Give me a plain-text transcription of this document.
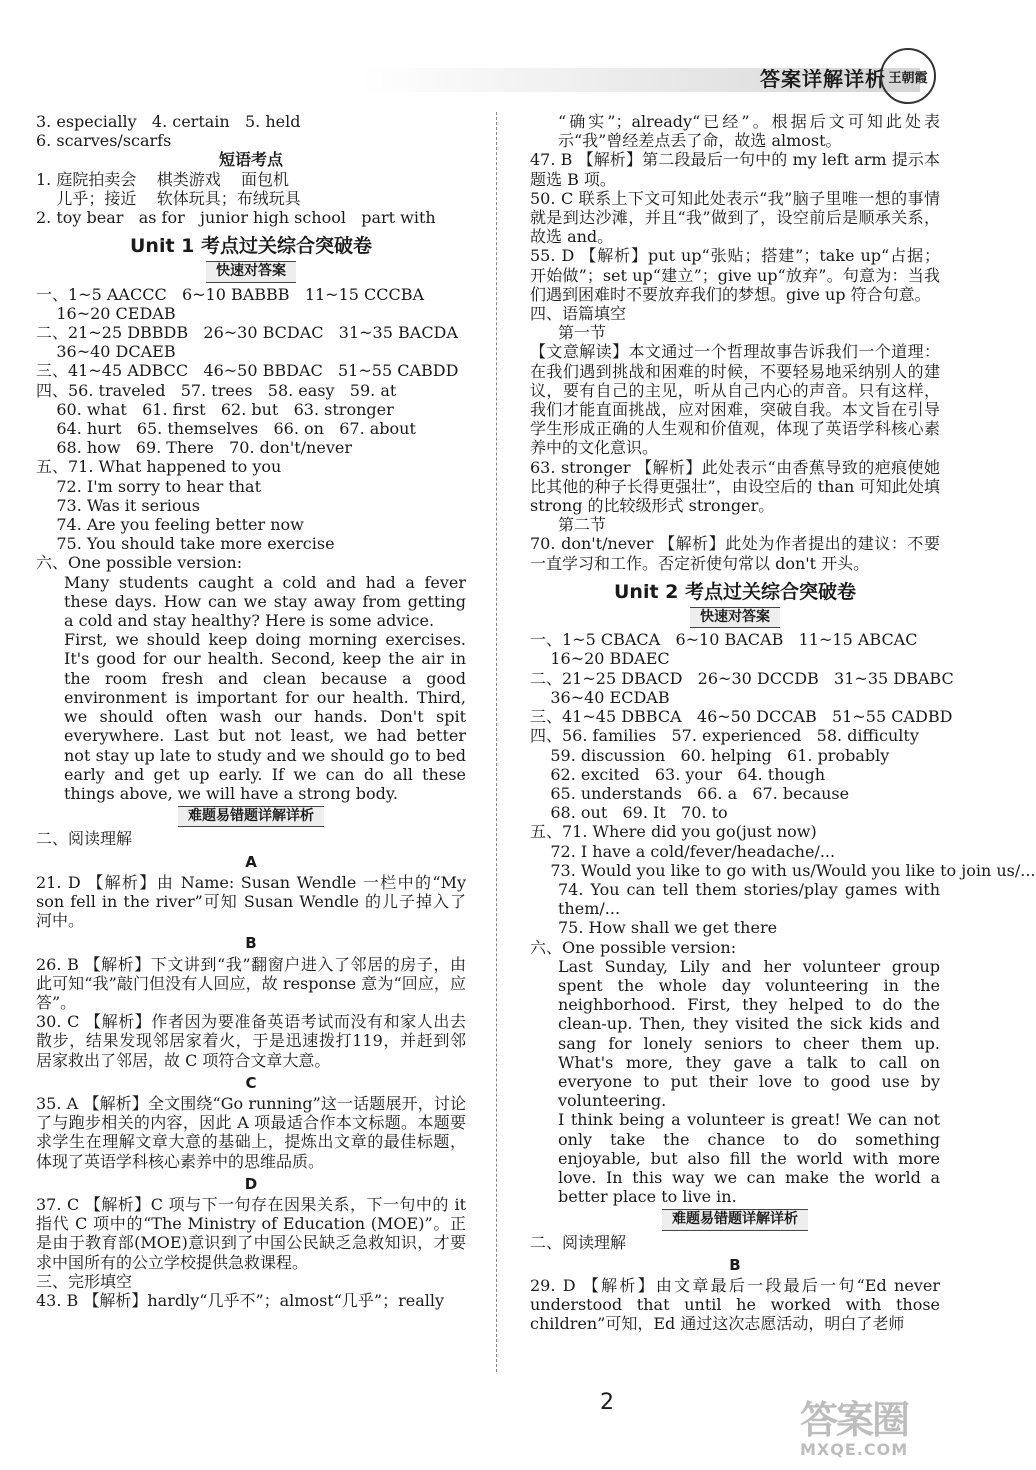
答案详解详析 王朝霞
3. especially   4. certain   5. held
6. scarves/scarfs
短语考点
1. 庭院拍卖会    棋类游戏    面包机
儿乎；接近    软体玩具；布绒玩具
2. toy bear   as for   junior high school   part with
Unit 1 考点过关综合突破卷
快速对答案
一、1~5 AACCC   6~10 BABBB   11~15 CCCBA
16~20 CEDAB
二、21~25 DBBDB   26~30 BCDAC   31~35 BACDA
36~40 DCAEB
三、41~45 ADBCC   46~50 BBDAC   51~55 CABDD
四、56. traveled   57. trees   58. easy   59. at
60. what   61. first   62. but   63. stronger
64. hurt   65. themselves   66. on   67. about
68. how   69. There   70. don't/never
五、71. What happened to you
72. I'm sorry to hear that
73. Was it serious
74. Are you feeling better now
75. You should take more exercise
六、One possible version:
Many students caught a cold and had a fever these days. How can we stay away from getting a cold and stay healthy? Here is some advice.
First, we should keep doing morning exercises. It's good for our health. Second, keep the air in the room fresh and clean because a good environment is important for our health. Third, we should often wash our hands. Don't spit everywhere. Last but not least, we had better not stay up late to study and we should go to bed early and get up early. If we can do all these things above, we will have a strong body.
难题易错题详解详析
二、阅读理解
A
21. D 【解析】由 Name: Susan Wendle 一栏中的“My son fell in the river”可知 Susan Wendle 的儿子掉入了河中。
B
26. B 【解析】下文讲到“我”翻窗户进入了邻居的房子，由此可知“我”敲门但没有人回应，故 response 意为“回应，应答”。
30. C 【解析】作者因为要准备英语考试而没有和家人出去散步，结果发现邻居家着火，于是迅速拨打119，并赶到邻居家救出了邻居，故 C 项符合文章大意。
C
35. A 【解析】全文围绕“Go running”这一话题展开，讨论了与跑步相关的内容，因此 A 项最适合作本文标题。本题要求学生在理解文章大意的基础上，提炼出文章的最佳标题，体现了英语学科核心素养中的思维品质。
D
37. C 【解析】C 项与下一句存在因果关系，下一句中的 it 指代 C 项中的“The Ministry of Education (MOE)”。正是由于教育部(MOE)意识到了中国公民缺乏急救知识，才要求中国所有的公立学校提供急救课程。
三、完形填空
43. B 【解析】hardly“几乎不”；almost“几乎”；really
“确实”；already“已经”。根据后文可知此处表示“我”曾经差点丢了命，故选 almost。
47. B 【解析】第二段最后一句中的 my left arm 提示本题选 B 项。
50. C 联系上下文可知此处表示“我”脑子里唯一想的事情就是到达沙滩，并且“我”做到了，设空前后是顺承关系，故选 and。
55. D 【解析】put up“张贴；搭建”；take up“占据；开始做”；set up“建立”；give up“放弃”。句意为：当我们遇到困难时不要放弃我们的梦想。give up 符合句意。
四、语篇填空
第一节
【文意解读】本文通过一个哲理故事告诉我们一个道理：在我们遇到挑战和困难的时候，不要轻易地采纳别人的建议，要有自己的主见，听从自己内心的声音。只有这样，我们才能直面挑战，应对困难，突破自我。本文旨在引导学生形成正确的人生观和价值观，体现了英语学科核心素养中的文化意识。
63. stronger 【解析】此处表示“由香蕉导致的疤痕使她比其他的种子长得更强壮”，由设空后的 than 可知此处填 strong 的比较级形式 stronger。
第二节
70. don't/never 【解析】此处为作者提出的建议：不要一直学习和工作。否定祈使句常以 don't 开头。
Unit 2 考点过关综合突破卷
快速对答案
一、1~5 CBACA   6~10 BACAB   11~15 ABCAC
16~20 BDAEC
二、21~25 DBACD   26~30 DCCDB   31~35 DBABC
36~40 ECDAB
三、41~45 DBBCA   46~50 DCCAB   51~55 CADBD
四、56. families   57. experienced   58. difficulty
59. discussion   60. helping   61. probably
62. excited   63. your   64. though
65. understands   66. a   67. because
68. out   69. It   70. to
五、71. Where did you go(just now)
72. I have a cold/fever/headache/...
73. Would you like to go with us/Would you like to join us/...
74. You can tell them stories/play games with them/...
75. How shall we get there
六、One possible version:
Last Sunday, Lily and her volunteer group spent the whole day volunteering in the neighborhood. First, they helped to do the clean-up. Then, they visited the sick kids and sang for lonely seniors to cheer them up. What's more, they gave a talk to call on everyone to put their love to good use by volunteering.
I think being a volunteer is great! We can not only take the chance to do something enjoyable, but also fill the world with more love. In this way we can make the world a better place to live in.
难题易错题详解详析
二、阅读理解
B
29. D 【解析】由文章最后一段最后一句“Ed never understood that until he worked with those children”可知，Ed 通过这次志愿活动，明白了老师
2	答案圈
MXQE.COM
